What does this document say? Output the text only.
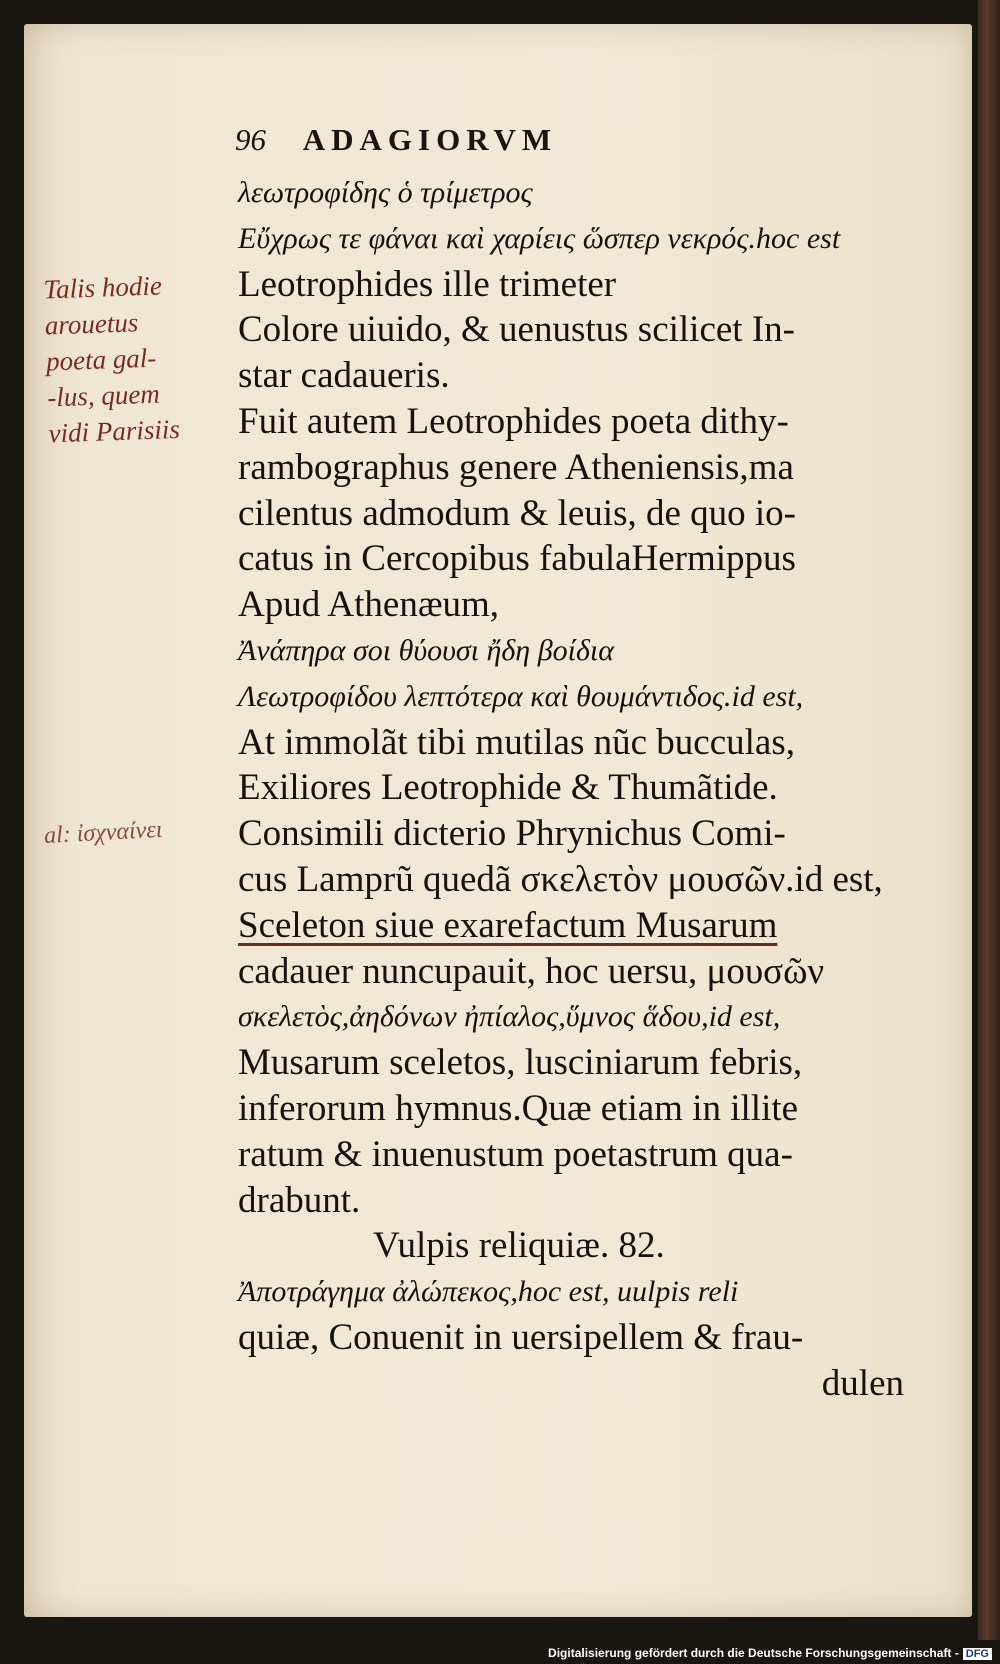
96 ADAGIORVM
λεωτροφίδης ὁ τρίμετρος
Εὔχρως τε φάναι καὶ χαρίεις ὥσπερ νεκρός.hoc est
Leotrophides ille trimeter
Colore uiuido, & uenustus scilicet In-
star cadaueris.
Fuit autem Leotrophides poeta dithy-
rambographus genere Atheniensis,ma
cilentus admodum & leuis, de quo io-
catus in Cercopibus fabulaHermippus
Apud Athenæum,
Ἀνάπηρα σοι θύουσι ἤδη βοίδια
Λεωτροφίδου λεπτότερα καὶ θουμάντιδος.id est,
At immolãt tibi mutilas nũc bucculas,
Exiliores Leotrophide & Thumãtide.
Consimili dicterio Phrynichus Comi-
cus Lamprũ quedã σκελετὸν μουσῶν.id est,
Sceleton siue exarefactum Musarum
cadauer nuncupauit, hoc uersu, μουσῶν
σκελετὸς,ἀηδόνων ἠπίαλος,ὕμνος ἅδου,id est,
Musarum sceletos, lusciniarum febris,
inferorum hymnus.Quæ etiam in illite
ratum & inuenustum poetastrum qua-
drabunt.
Vulpis reliquiæ. 82.
Ἀποτράγημα ἀλώπεκος,hoc est, uulpis reli
quiæ, Conuenit in uersipellem & frau-
dulen
Talis hodie
arouetus
poeta gal-
-lus, quem
vidi Parisiis
al: ἰσχναίνει
Digitalisierung gefördert durch die Deutsche Forschungsgemeinschaft - DFG
